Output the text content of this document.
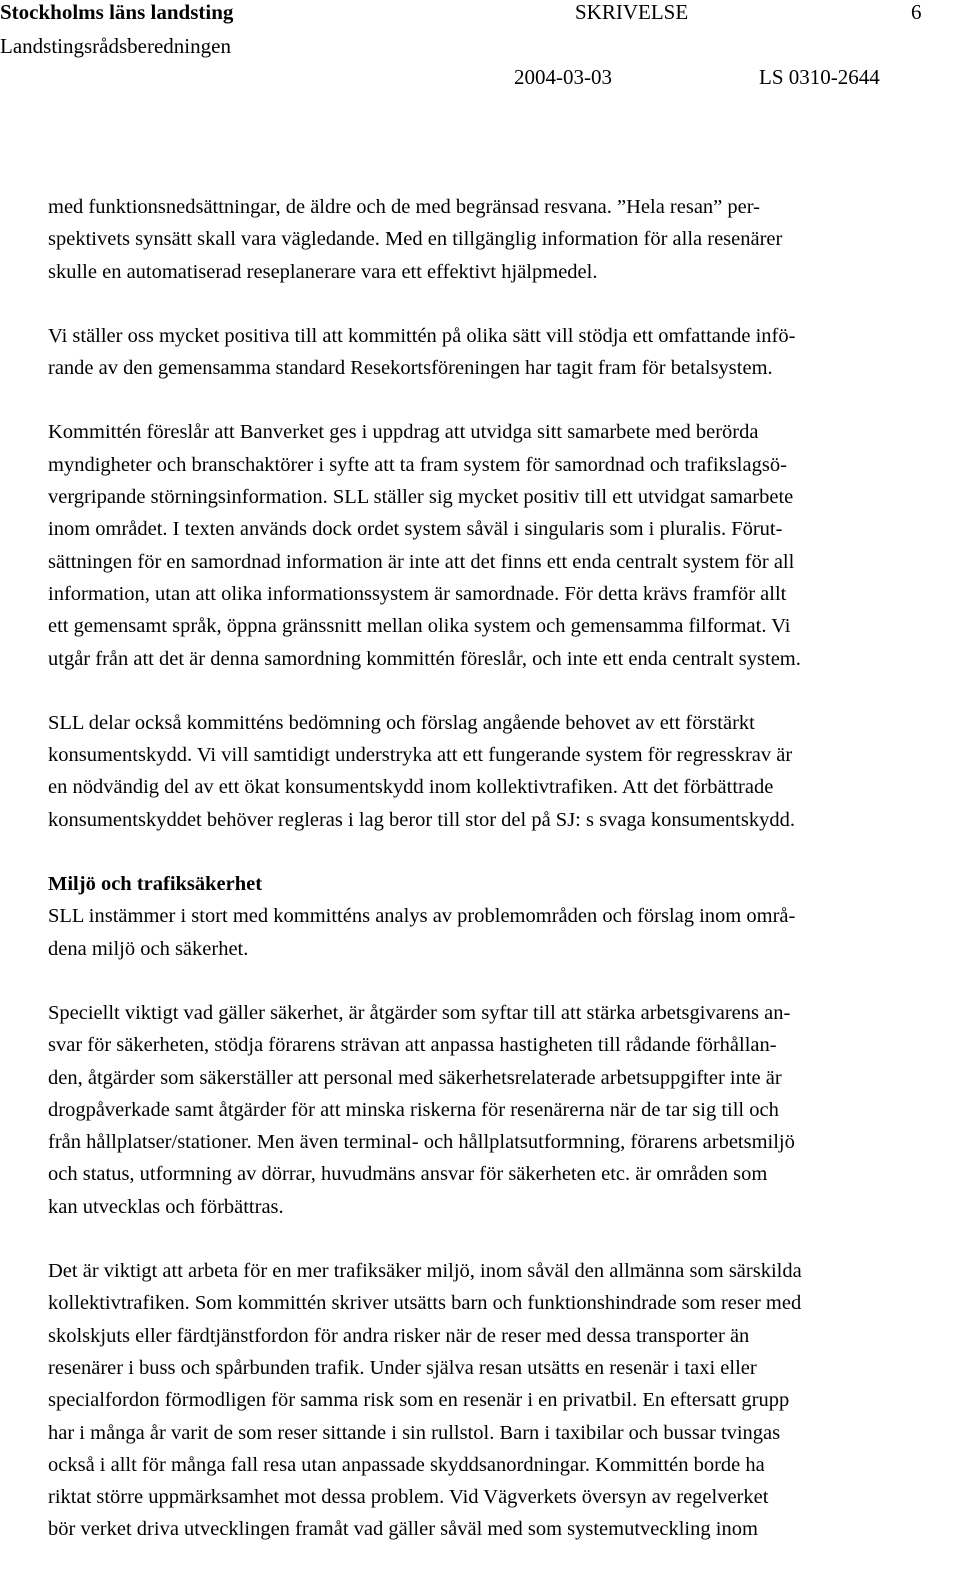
Stockholms läns landsting	SKRIVELSE	6
Landstingsrådsberedningen
2004-03-03	LS 0310-2644

med funktionsnedsättningar, de äldre och de med begränsad resvana. ”Hela resan” per-
spektivets synsätt skall vara vägledande. Med en tillgänglig information för alla resenärer
skulle en automatiserad reseplanerare vara ett effektivt hjälpmedel.

Vi ställer oss mycket positiva till att kommittén på olika sätt vill stödja ett omfattande infö-
rande av den gemensamma standard Resekortsföreningen har tagit fram för betalsystem.

Kommittén föreslår att Banverket ges i uppdrag att utvidga sitt samarbete med berörda
myndigheter och branschaktörer i syfte att ta fram system för samordnad och trafikslagsö-
vergripande störningsinformation. SLL ställer sig mycket positiv till ett utvidgat samarbete
inom området. I texten används dock ordet system såväl i singularis som i pluralis. Förut-
sättningen för en samordnad information är inte att det finns ett enda centralt system för all
information, utan att olika informationssystem är samordnade. För detta krävs framför allt
ett gemensamt språk, öppna gränssnitt mellan olika system och gemensamma filformat. Vi
utgår från att det är denna samordning kommittén föreslår, och inte ett enda centralt system.

SLL delar också kommitténs bedömning och förslag angående behovet av ett förstärkt
konsumentskydd. Vi vill samtidigt understryka att ett fungerande system för regresskrav är
en nödvändig del av ett ökat konsumentskydd inom kollektivtrafiken. Att det förbättrade
konsumentskyddet behöver regleras i lag beror till stor del på SJ: s svaga konsumentskydd.

Miljö och trafiksäkerhet

SLL instämmer i stort med kommitténs analys av problemområden och förslag inom områ-
dena miljö och säkerhet.

Speciellt viktigt vad gäller säkerhet, är åtgärder som syftar till att stärka arbetsgivarens an-
svar för säkerheten, stödja förarens strävan att anpassa hastigheten till rådande förhållan-
den, åtgärder som säkerställer att personal med säkerhetsrelaterade arbetsuppgifter inte är
drogpåverkade samt åtgärder för att minska riskerna för resenärerna när de tar sig till och
från hållplatser/stationer. Men även terminal- och hållplatsutformning, förarens arbetsmiljö
och status, utformning av dörrar, huvudmäns ansvar för säkerheten etc. är områden som
kan utvecklas och förbättras.

Det är viktigt att arbeta för en mer trafiksäker miljö, inom såväl den allmänna som särskilda
kollektivtrafiken. Som kommittén skriver utsätts barn och funktionshindrade som reser med
skolskjuts eller färdtjänstfordon för andra risker när de reser med dessa transporter än
resenärer i buss och spårbunden trafik. Under själva resan utsätts en resenär i taxi eller
specialfordon förmodligen för samma risk som en resenär i en privatbil. En eftersatt grupp
har i många år varit de som reser sittande i sin rullstol. Barn i taxibilar och bussar tvingas
också i allt för många fall resa utan anpassade skyddsanordningar. Kommittén borde ha
riktat större uppmärksamhet mot dessa problem. Vid Vägverkets översyn av regelverket
bör verket driva utvecklingen framåt vad gäller såväl med som systemutveckling inom
